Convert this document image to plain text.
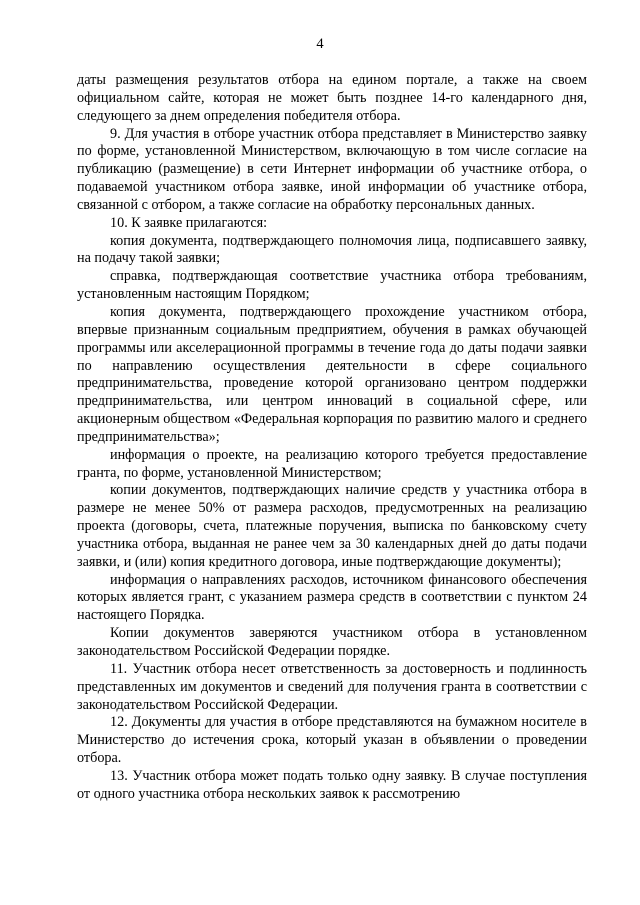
4

даты размещения результатов отбора на едином портале, а также на своем официальном сайте, которая не может быть позднее 14-го календарного дня, следующего за днем определения победителя отбора.

9. Для участия в отборе участник отбора представляет в Министерство заявку по форме, установленной Министерством, включающую в том числе согласие на публикацию (размещение) в сети Интернет информации об участнике отбора, о подаваемой участником отбора заявке, иной информации об участнике отбора, связанной с отбором, а также согласие на обработку персональных данных.

10. К заявке прилагаются:

копия документа, подтверждающего полномочия лица, подписавшего заявку, на подачу такой заявки;

справка, подтверждающая соответствие участника отбора требованиям, установленным настоящим Порядком;

копия документа, подтверждающего прохождение участником отбора, впервые признанным социальным предприятием, обучения в рамках обучающей программы или акселерационной программы в течение года до даты подачи заявки по направлению осуществления деятельности в сфере социального предпринимательства, проведение которой организовано центром поддержки предпринимательства, или центром инноваций в социальной сфере, или акционерным обществом «Федеральная корпорация по развитию малого и среднего предпринимательства»;

информация о проекте, на реализацию которого требуется предоставление гранта, по форме, установленной Министерством;

копии документов, подтверждающих наличие средств у участника отбора в размере не менее 50% от размера расходов, предусмотренных на реализацию проекта (договоры, счета, платежные поручения, выписка по банковскому счету участника отбора, выданная не ранее чем за 30 календарных дней до даты подачи заявки, и (или) копия кредитного договора, иные подтверждающие документы);

информация о направлениях расходов, источником финансового обеспечения которых является грант, с указанием размера средств в соответствии с пунктом 24 настоящего Порядка.

Копии документов заверяются участником отбора в установленном законодательством Российской Федерации порядке.

11. Участник отбора несет ответственность за достоверность и подлинность представленных им документов и сведений для получения гранта в соответствии с законодательством Российской Федерации.

12. Документы для участия в отборе представляются на бумажном носителе в Министерство до истечения срока, который указан в объявлении о проведении отбора.

13. Участник отбора может подать только одну заявку. В случае поступления от одного участника отбора нескольких заявок к рассмотрению
